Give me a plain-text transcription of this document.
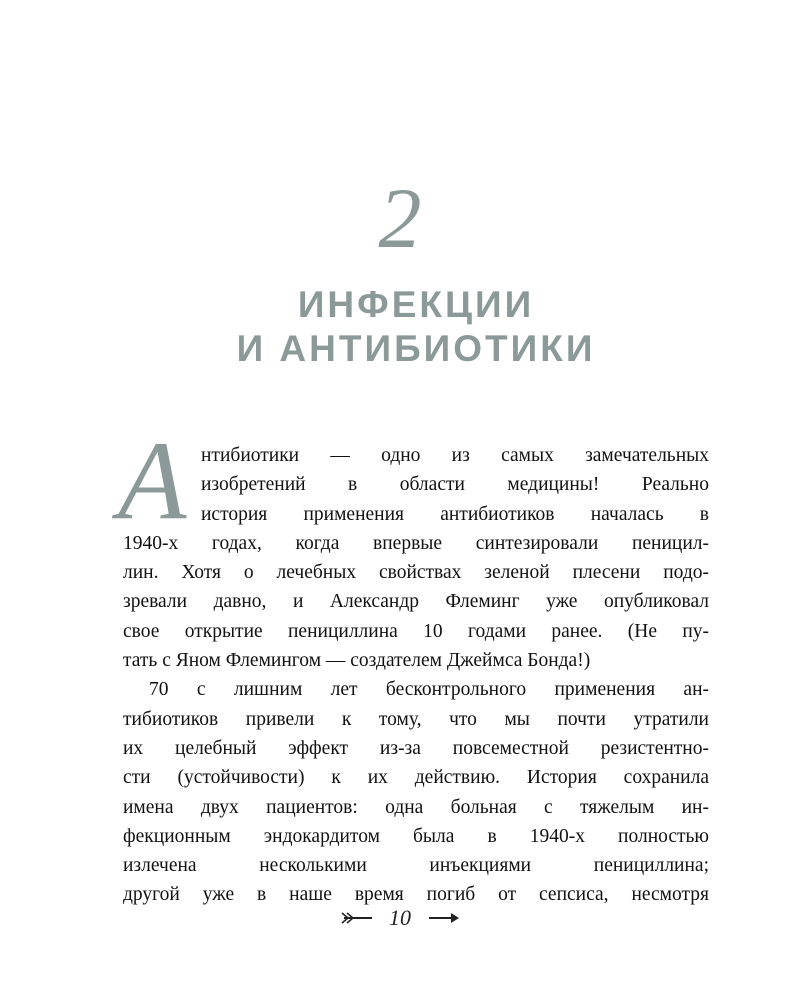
2
ИНФЕКЦИИ
И АНТИБИОТИКИ
А нтибиотики — одно из самых замечательных
изобретений в области медицины! Реально
история применения антибиотиков началась в
1940-х годах, когда впервые синтезировали пеницил-
лин. Хотя о лечебных свойствах зеленой плесени подо-
зревали давно, и Александр Флеминг уже опубликовал
свое открытие пенициллина 10 годами ранее. (Не пу-
тать с Яном Флемингом — создателем Джеймса Бонда!)
70 с лишним лет бесконтрольного применения ан-
тибиотиков привели к тому, что мы почти утратили
их целебный эффект из-за повсеместной резистентно-
сти (устойчивости) к их действию. История сохранила
имена двух пациентов: одна больная с тяжелым ин-
фекционным эндокардитом была в 1940-х полностью
излечена несколькими инъекциями пенициллина;
другой уже в наше время погиб от сепсиса, несмотря
10
